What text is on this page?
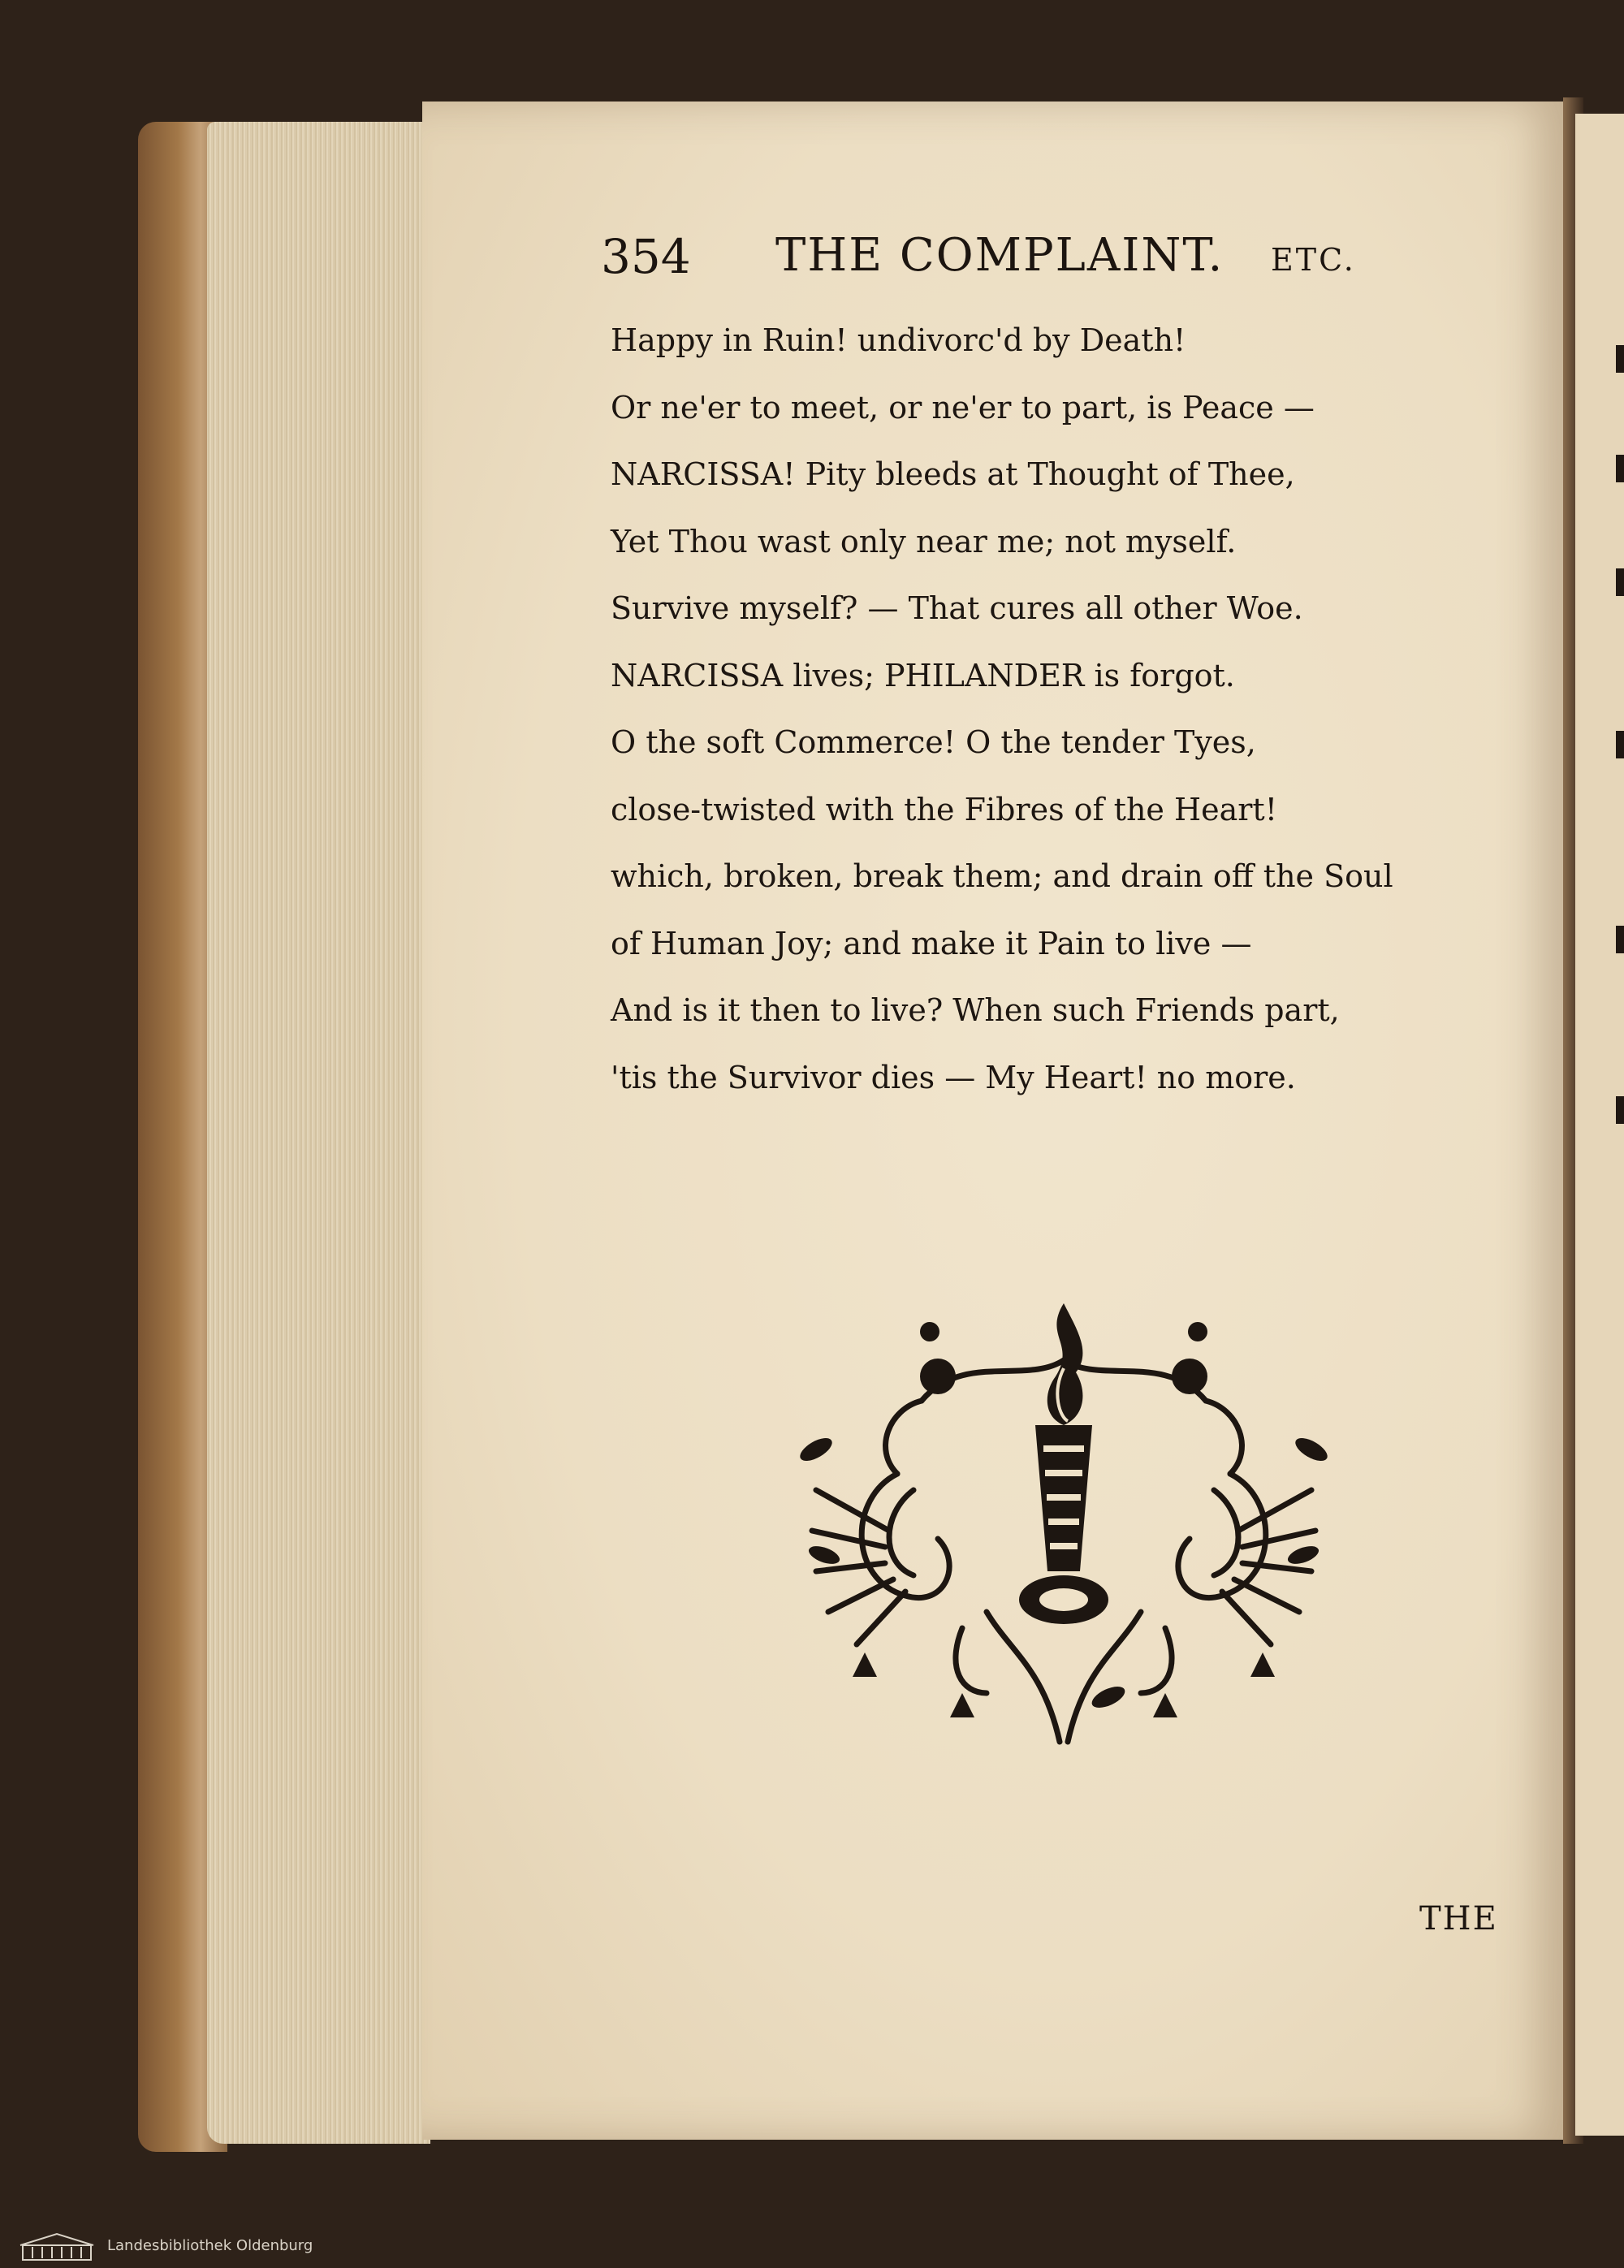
354 THE COMPLAINT. ETC.
Happy in Ruin! undivorc'd by Death!
Or ne'er to meet, or ne'er to part, is Peace —
NARCISSA! Pity bleeds at Thought of Thee,
Yet Thou wast only near me; not myself.
Survive myself? — That cures all other Woe.
NARCISSA lives; PHILANDER is forgot.
O the soft Commerce! O the tender Tyes,
close-twisted with the Fibres of the Heart!
which, broken, break them; and drain off the Soul
of Human Joy; and make it Pain to live —
And is it then to live? When such Friends part,
'tis the Survivor dies — My Heart! no more.
THE
Landesbibliothek Oldenburg
